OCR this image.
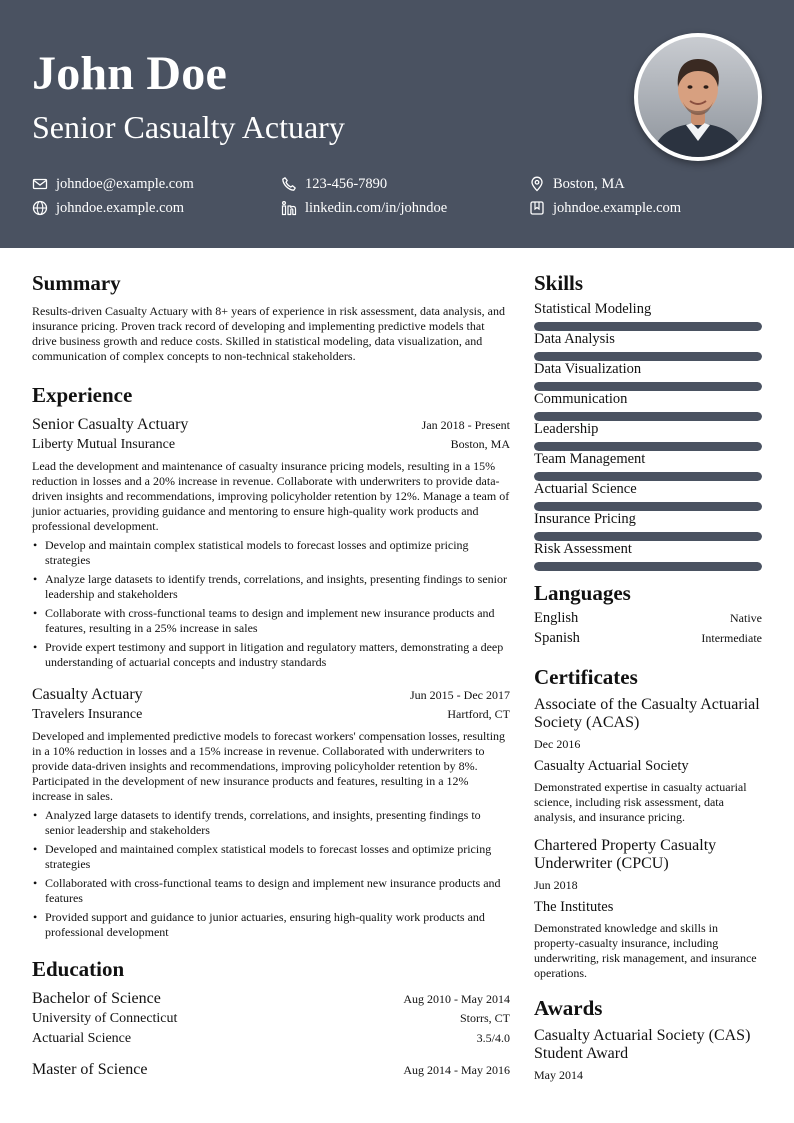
John Doe
Senior Casualty Actuary
johndoe@example.com	123-456-7890	Boston, MA
johndoe.example.com	linkedin.com/in/johndoe	johndoe.example.com
Summary

Results-driven Casualty Actuary with 8+ years of experience in risk assessment, data analysis, and insurance pricing. Proven track record of developing and implementing predictive models that drive business growth and reduce costs. Skilled in statistical modeling, data visualization, and communication of complex concepts to non-technical stakeholders.

Experience
Senior Casualty Actuary	Jan 2018 - Present
Liberty Mutual Insurance	Boston, MA

Lead the development and maintenance of casualty insurance pricing models, resulting in a 15% reduction in losses and a 20% increase in revenue. Collaborate with underwriters to provide data-driven insights and recommendations, improving policyholder retention by 12%. Manage a team of junior actuaries, providing guidance and mentoring to ensure high-quality work products and professional development.

• Develop and maintain complex statistical models to forecast losses and optimize pricing strategies
• Analyze large datasets to identify trends, correlations, and insights, presenting findings to senior leadership and stakeholders
• Collaborate with cross-functional teams to design and implement new insurance products and features, resulting in a 25% increase in sales
• Provide expert testimony and support in litigation and regulatory matters, demonstrating a deep understanding of actuarial concepts and industry standards
Casualty Actuary	Jun 2015 - Dec 2017
Travelers Insurance	Hartford, CT

Developed and implemented predictive models to forecast workers' compensation losses, resulting in a 10% reduction in losses and a 15% increase in revenue. Collaborated with underwriters to provide data-driven insights and recommendations, improving policyholder retention by 8%. Participated in the development of new insurance products and features, resulting in a 12% increase in sales.

• Analyzed large datasets to identify trends, correlations, and insights, presenting findings to senior leadership and stakeholders
• Developed and maintained complex statistical models to forecast losses and optimize pricing strategies
• Collaborated with cross-functional teams to design and implement new insurance products and features
• Provided support and guidance to junior actuaries, ensuring high-quality work products and professional development
Education
Bachelor of Science	Aug 2010 - May 2014
University of Connecticut	Storrs, CT
Actuarial Science	3.5/4.0
Master of Science	Aug 2014 - May 2016
Skills
Statistical Modeling
Data Analysis
Data Visualization
Communication
Leadership
Team Management
Actuarial Science
Insurance Pricing
Risk Assessment
Languages
English	Native
Spanish	Intermediate
Certificates
Associate of the Casualty Actuarial Society (ACAS)
Dec 2016
Casualty Actuarial Society
Demonstrated expertise in casualty actuarial science, including risk assessment, data analysis, and insurance pricing.
Chartered Property Casualty Underwriter (CPCU)
Jun 2018
The Institutes
Demonstrated knowledge and skills in property-casualty insurance, including underwriting, risk management, and insurance operations.
Awards
Casualty Actuarial Society (CAS) Student Award
May 2014
